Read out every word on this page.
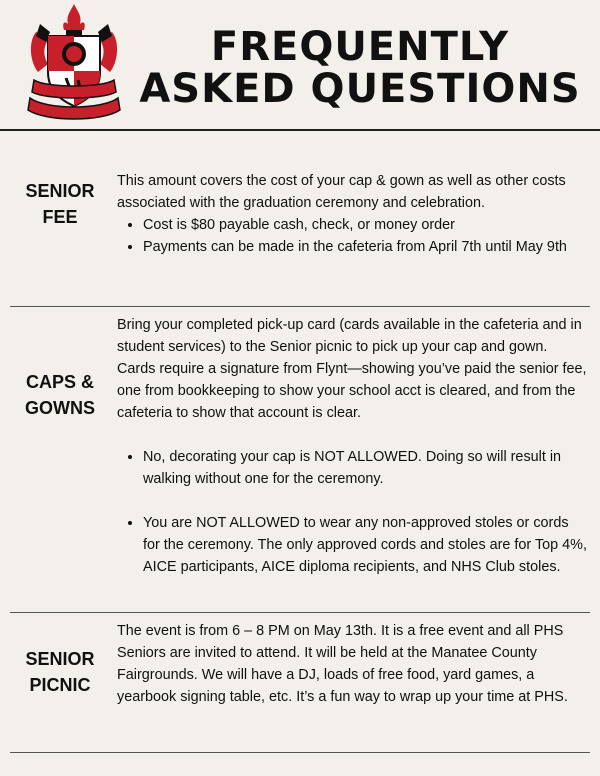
FREQUENTLY
ASKED QUESTIONS
SENIOR
FEE

This amount covers the cost of your cap & gown as well as other costs associated with the graduation ceremony and celebration.

• Cost is $80 payable cash, check, or money order
• Payments can be made in the cafeteria from April 7th until May 9th
CAPS &
GOWNS

Bring your completed pick-up card (cards available in the cafeteria and in student services) to the Senior picnic to pick up your cap and gown. Cards require a signature from Flynt—showing you’ve paid the senior fee, one from bookkeeping to show your school acct is cleared, and from the cafeteria to show that account is clear.

• No, decorating your cap is NOT ALLOWED. Doing so will result in walking without one for the ceremony.
• You are NOT ALLOWED to wear any non-approved stoles or cords for the ceremony. The only approved cords and stoles are for Top 4%, AICE participants, AICE diploma recipients, and NHS Club stoles.
SENIOR
PICNIC

The event is from 6 – 8 PM on May 13th. It is a free event and all PHS Seniors are invited to attend. It will be held at the Manatee County Fairgrounds. We will have a DJ, loads of free food, yard games, a yearbook signing table, etc. It’s a fun way to wrap up your time at PHS.
